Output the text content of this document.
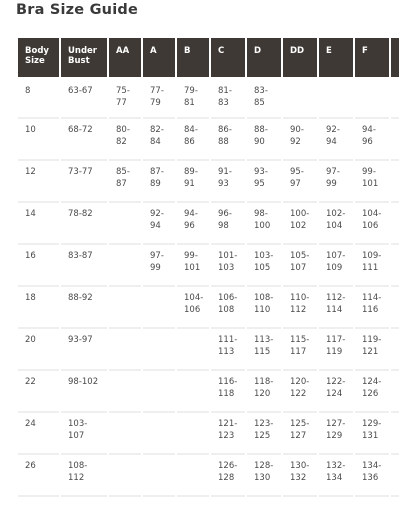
Bra Size Guide
Body Size	Under Bust	AA	A	B	C	D	DD	E	F	
8	63-67	75-77	77-79	79-81	81-83	83-85				
10	68-72	80-82	82-84	84-86	86-88	88-90	90-92	92-94	94-96	
12	73-77	85-87	87-89	89-91	91-93	93-95	95-97	97-99	99-101	
14	78-82		92-94	94-96	96-98	98-100	100-102	102-104	104-106	
16	83-87		97-99	99-101	101-103	103-105	105-107	107-109	109-111	
18	88-92			104-106	106-108	108-110	110-112	112-114	114-116	
20	93-97				111-113	113-115	115-117	117-119	119-121	
22	98-102				116-118	118-120	120-122	122-124	124-126	
24	103-107				121-123	123-125	125-127	127-129	129-131	
26	108-112				126-128	128-130	130-132	132-134	134-136	
